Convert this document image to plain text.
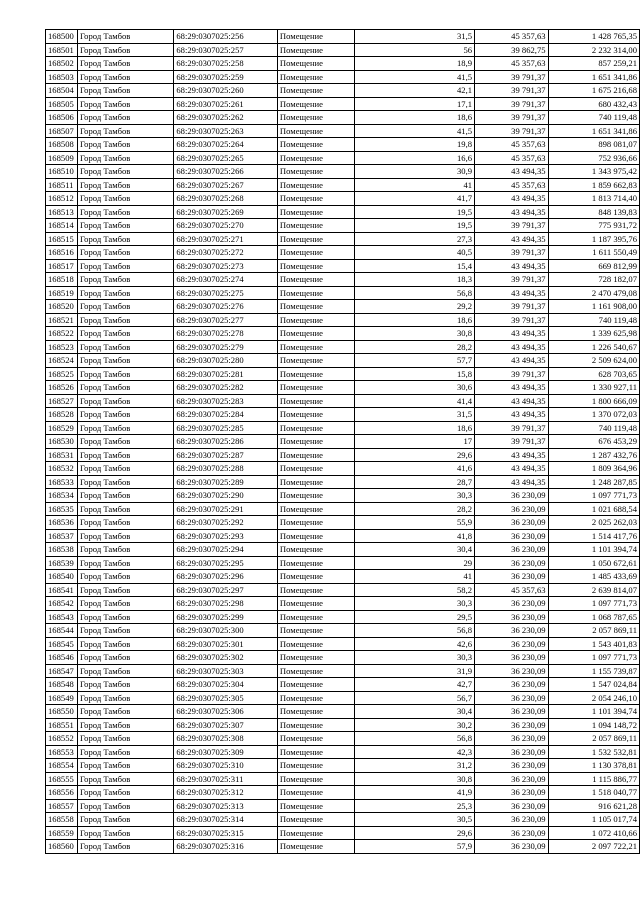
168500	Город Тамбов	68:29:0307025:256	Помещение	31,5	45 357,63	1 428 765,35
168501	Город Тамбов	68:29:0307025:257	Помещение	56	39 862,75	2 232 314,00
168502	Город Тамбов	68:29:0307025:258	Помещение	18,9	45 357,63	857 259,21
168503	Город Тамбов	68:29:0307025:259	Помещение	41,5	39 791,37	1 651 341,86
168504	Город Тамбов	68:29:0307025:260	Помещение	42,1	39 791,37	1 675 216,68
168505	Город Тамбов	68:29:0307025:261	Помещение	17,1	39 791,37	680 432,43
168506	Город Тамбов	68:29:0307025:262	Помещение	18,6	39 791,37	740 119,48
168507	Город Тамбов	68:29:0307025:263	Помещение	41,5	39 791,37	1 651 341,86
168508	Город Тамбов	68:29:0307025:264	Помещение	19,8	45 357,63	898 081,07
168509	Город Тамбов	68:29:0307025:265	Помещение	16,6	45 357,63	752 936,66
168510	Город Тамбов	68:29:0307025:266	Помещение	30,9	43 494,35	1 343 975,42
168511	Город Тамбов	68:29:0307025:267	Помещение	41	45 357,63	1 859 662,83
168512	Город Тамбов	68:29:0307025:268	Помещение	41,7	43 494,35	1 813 714,40
168513	Город Тамбов	68:29:0307025:269	Помещение	19,5	43 494,35	848 139,83
168514	Город Тамбов	68:29:0307025:270	Помещение	19,5	39 791,37	775 931,72
168515	Город Тамбов	68:29:0307025:271	Помещение	27,3	43 494,35	1 187 395,76
168516	Город Тамбов	68:29:0307025:272	Помещение	40,5	39 791,37	1 611 550,49
168517	Город Тамбов	68:29:0307025:273	Помещение	15,4	43 494,35	669 812,99
168518	Город Тамбов	68:29:0307025:274	Помещение	18,3	39 791,37	728 182,07
168519	Город Тамбов	68:29:0307025:275	Помещение	56,8	43 494,35	2 470 479,08
168520	Город Тамбов	68:29:0307025:276	Помещение	29,2	39 791,37	1 161 908,00
168521	Город Тамбов	68:29:0307025:277	Помещение	18,6	39 791,37	740 119,48
168522	Город Тамбов	68:29:0307025:278	Помещение	30,8	43 494,35	1 339 625,98
168523	Город Тамбов	68:29:0307025:279	Помещение	28,2	43 494,35	1 226 540,67
168524	Город Тамбов	68:29:0307025:280	Помещение	57,7	43 494,35	2 509 624,00
168525	Город Тамбов	68:29:0307025:281	Помещение	15,8	39 791,37	628 703,65
168526	Город Тамбов	68:29:0307025:282	Помещение	30,6	43 494,35	1 330 927,11
168527	Город Тамбов	68:29:0307025:283	Помещение	41,4	43 494,35	1 800 666,09
168528	Город Тамбов	68:29:0307025:284	Помещение	31,5	43 494,35	1 370 072,03
168529	Город Тамбов	68:29:0307025:285	Помещение	18,6	39 791,37	740 119,48
168530	Город Тамбов	68:29:0307025:286	Помещение	17	39 791,37	676 453,29
168531	Город Тамбов	68:29:0307025:287	Помещение	29,6	43 494,35	1 287 432,76
168532	Город Тамбов	68:29:0307025:288	Помещение	41,6	43 494,35	1 809 364,96
168533	Город Тамбов	68:29:0307025:289	Помещение	28,7	43 494,35	1 248 287,85
168534	Город Тамбов	68:29:0307025:290	Помещение	30,3	36 230,09	1 097 771,73
168535	Город Тамбов	68:29:0307025:291	Помещение	28,2	36 230,09	1 021 688,54
168536	Город Тамбов	68:29:0307025:292	Помещение	55,9	36 230,09	2 025 262,03
168537	Город Тамбов	68:29:0307025:293	Помещение	41,8	36 230,09	1 514 417,76
168538	Город Тамбов	68:29:0307025:294	Помещение	30,4	36 230,09	1 101 394,74
168539	Город Тамбов	68:29:0307025:295	Помещение	29	36 230,09	1 050 672,61
168540	Город Тамбов	68:29:0307025:296	Помещение	41	36 230,09	1 485 433,69
168541	Город Тамбов	68:29:0307025:297	Помещение	58,2	45 357,63	2 639 814,07
168542	Город Тамбов	68:29:0307025:298	Помещение	30,3	36 230,09	1 097 771,73
168543	Город Тамбов	68:29:0307025:299	Помещение	29,5	36 230,09	1 068 787,65
168544	Город Тамбов	68:29:0307025:300	Помещение	56,8	36 230,09	2 057 869,11
168545	Город Тамбов	68:29:0307025:301	Помещение	42,6	36 230,09	1 543 401,83
168546	Город Тамбов	68:29:0307025:302	Помещение	30,3	36 230,09	1 097 771,73
168547	Город Тамбов	68:29:0307025:303	Помещение	31,9	36 230,09	1 155 739,87
168548	Город Тамбов	68:29:0307025:304	Помещение	42,7	36 230,09	1 547 024,84
168549	Город Тамбов	68:29:0307025:305	Помещение	56,7	36 230,09	2 054 246,10
168550	Город Тамбов	68:29:0307025:306	Помещение	30,4	36 230,09	1 101 394,74
168551	Город Тамбов	68:29:0307025:307	Помещение	30,2	36 230,09	1 094 148,72
168552	Город Тамбов	68:29:0307025:308	Помещение	56,8	36 230,09	2 057 869,11
168553	Город Тамбов	68:29:0307025:309	Помещение	42,3	36 230,09	1 532 532,81
168554	Город Тамбов	68:29:0307025:310	Помещение	31,2	36 230,09	1 130 378,81
168555	Город Тамбов	68:29:0307025:311	Помещение	30,8	36 230,09	1 115 886,77
168556	Город Тамбов	68:29:0307025:312	Помещение	41,9	36 230,09	1 518 040,77
168557	Город Тамбов	68:29:0307025:313	Помещение	25,3	36 230,09	916 621,28
168558	Город Тамбов	68:29:0307025:314	Помещение	30,5	36 230,09	1 105 017,74
168559	Город Тамбов	68:29:0307025:315	Помещение	29,6	36 230,09	1 072 410,66
168560	Город Тамбов	68:29:0307025:316	Помещение	57,9	36 230,09	2 097 722,21
